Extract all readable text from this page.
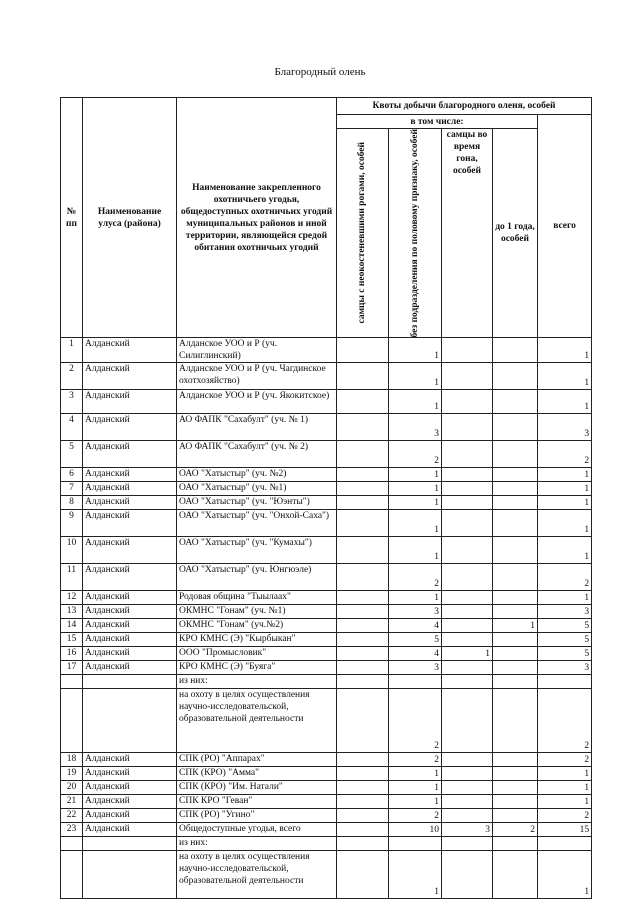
Благородный олень
№ пп	Наименование улуса (района)	Наименование закрепленного охотничьего угодья, общедоступных охотничьих угодий муниципальных районов и иной территории, являющейся средой обитания охотничьих угодий	Квоты добычи благородного оленя, особей				
			в том числе:				всего

			самцы с неокостеневшими рогами, особей	без подразделения по половому признаку, особей	самцы во время гона, особей	до 1 года, особей	
1	Алданский	Алданское УОО и Р (уч. Силиглинский)		1			1
2	Алданский	Алданское УОО и Р (уч. Чагдинское охотхозяйство)		1			1
3	Алданский	Алданское УОО и Р (уч. Якокитское)		1			1
4	Алданский	АО ФАПК "Сахабулт" (уч. № 1)		3			3
5	Алданский	АО ФАПК "Сахабулт" (уч. № 2)		2			2
6	Алданский	ОАО "Хатыстыр" (уч. №2)		1			1
7	Алданский	ОАО "Хатыстыр" (уч. №1)		1			1
8	Алданский	ОАО "Хатыстыр" (уч. "Юэнты")		1			1
9	Алданский	ОАО "Хатыстыр" (уч. "Онхой-Саха")		1			1
10	Алданский	ОАО "Хатыстыр" (уч. "Кумахы")		1			1
11	Алданский	ОАО "Хатыстыр" (уч. Юнгюэле)		2			2
12	Алданский	Родовая община "Тыылаах"		1			1
13	Алданский	ОКМНС "Гонам" (уч. №1)		3			3
14	Алданский	ОКМНС "Гонам" (уч.№2)		4		1	5
15	Алданский	КРО КМНС (Э) "Кырбыкан"		5			5
16	Алданский	ООО "Промысловик"		4	1		5
17	Алданский	КРО КМНС (Э) "Буяга"		3			3
		из них:					
		на охоту в целях осуществления научно-исследовательской, образовательной деятельности		2			2
18	Алданский	СПК (РО) "Аппарах"		2			2
19	Алданский	СПК (КРО) "Амма"		1			1
20	Алданский	СПК (КРО) "Им. Натали"		1			1
21	Алданский	СПК КРО "Геван"		1			1
22	Алданский	СПК (РО) "Угино"		2			2
23	Алданский	Общедоступные угодья, всего		10	3	2	15
		из них:					
		на охоту в целях осуществления научно-исследовательской, образовательной деятельности		1			1
